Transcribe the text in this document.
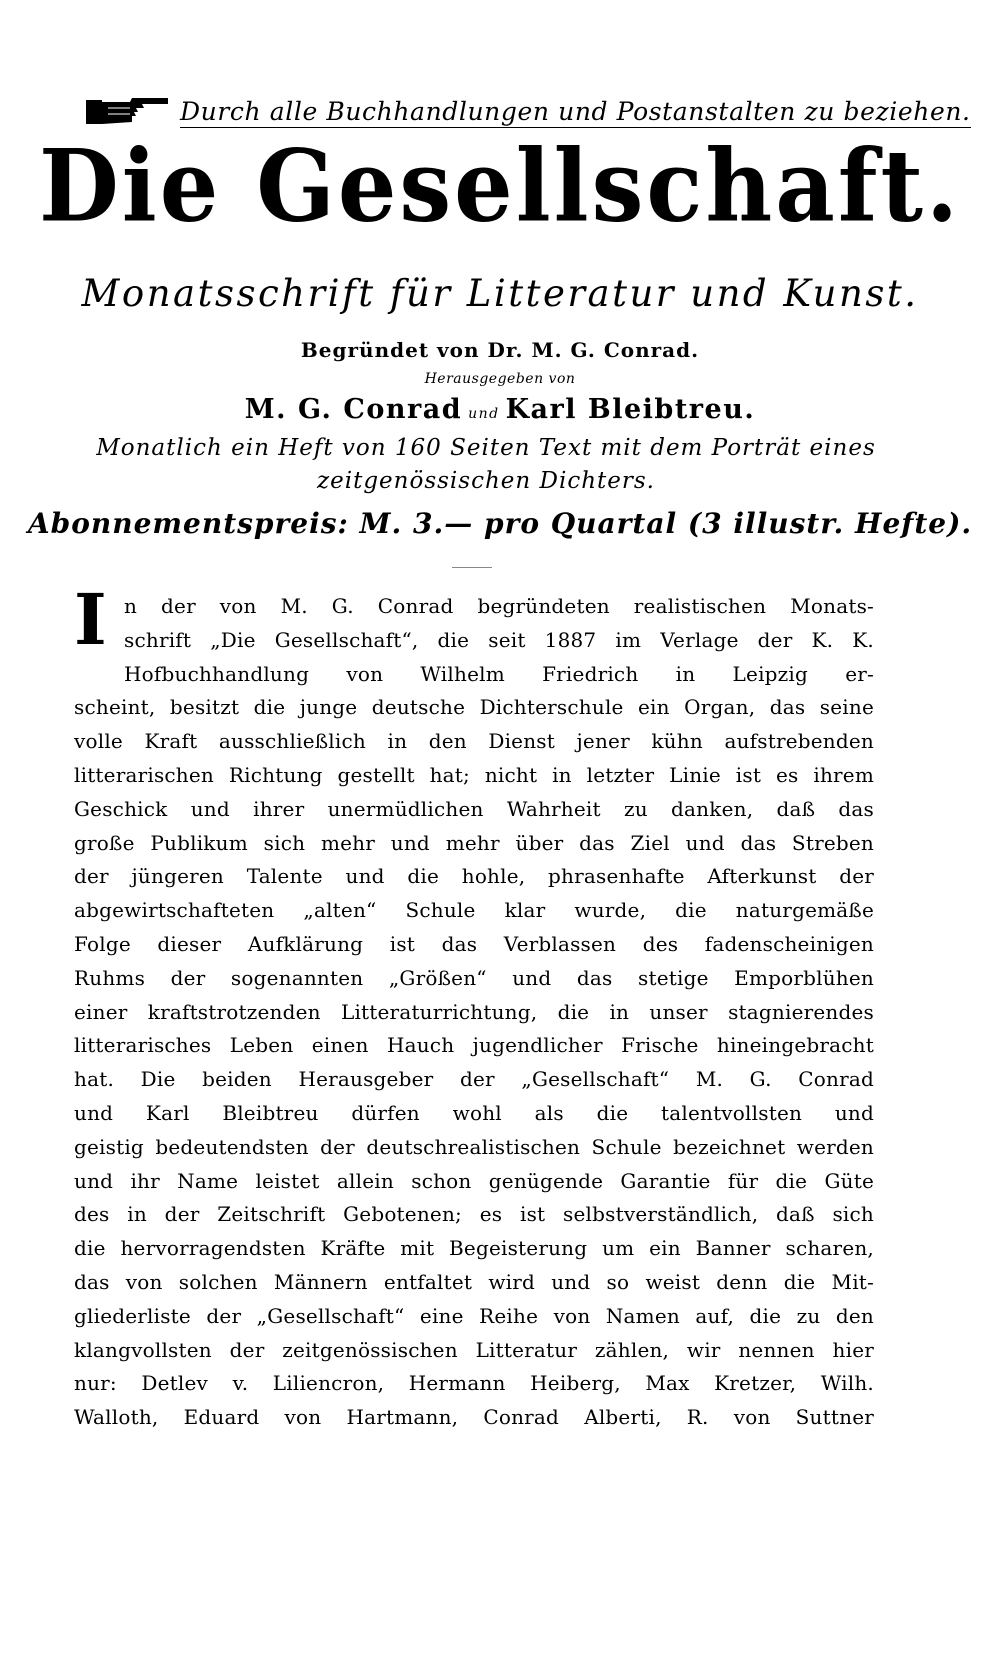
Durch alle Buchhandlungen und Postanstalten zu beziehen.
Die Gesellschaft.
Monatsschrift für Litteratur und Kunst.
Begründet von Dr. M. G. Conrad.
Herausgegeben von
M. G. Conrad und Karl Bleibtreu.
Monatlich ein Heft von 160 Seiten Text mit dem Porträt eines
zeitgenössischen Dichters.
Abonnementspreis: M. 3.— pro Quartal (3 illustr. Hefte).
I n der von M. G. Conrad begründeten realistischen Monats-
schrift „Die Gesellschaft“, die seit 1887 im Verlage der K. K.
Hofbuchhandlung von Wilhelm Friedrich in Leipzig er-
scheint, besitzt die junge deutsche Dichterschule ein Organ, das seine
volle Kraft ausschließlich in den Dienst jener kühn aufstrebenden
litterarischen Richtung gestellt hat; nicht in letzter Linie ist es ihrem
Geschick und ihrer unermüdlichen Wahrheit zu danken, daß das
große Publikum sich mehr und mehr über das Ziel und das Streben
der jüngeren Talente und die hohle, phrasenhafte Afterkunst der
abgewirtschafteten „alten“ Schule klar wurde, die naturgemäße
Folge dieser Aufklärung ist das Verblassen des fadenscheinigen
Ruhms der sogenannten „Größen“ und das stetige Emporblühen
einer kraftstrotzenden Litteraturrichtung, die in unser stagnierendes
litterarisches Leben einen Hauch jugendlicher Frische hineingebracht
hat. Die beiden Herausgeber der „Gesellschaft“ M. G. Conrad
und Karl Bleibtreu dürfen wohl als die talentvollsten und
geistig bedeutendsten der deutschrealistischen Schule bezeichnet werden
und ihr Name leistet allein schon genügende Garantie für die Güte
des in der Zeitschrift Gebotenen; es ist selbstverständlich, daß sich
die hervorragendsten Kräfte mit Begeisterung um ein Banner scharen,
das von solchen Männern entfaltet wird und so weist denn die Mit-
gliederliste der „Gesellschaft“ eine Reihe von Namen auf, die zu den
klangvollsten der zeitgenössischen Litteratur zählen, wir nennen hier
nur: Detlev v. Liliencron, Hermann Heiberg, Max Kretzer, Wilh.
Walloth, Eduard von Hartmann, Conrad Alberti, R. von Suttner
